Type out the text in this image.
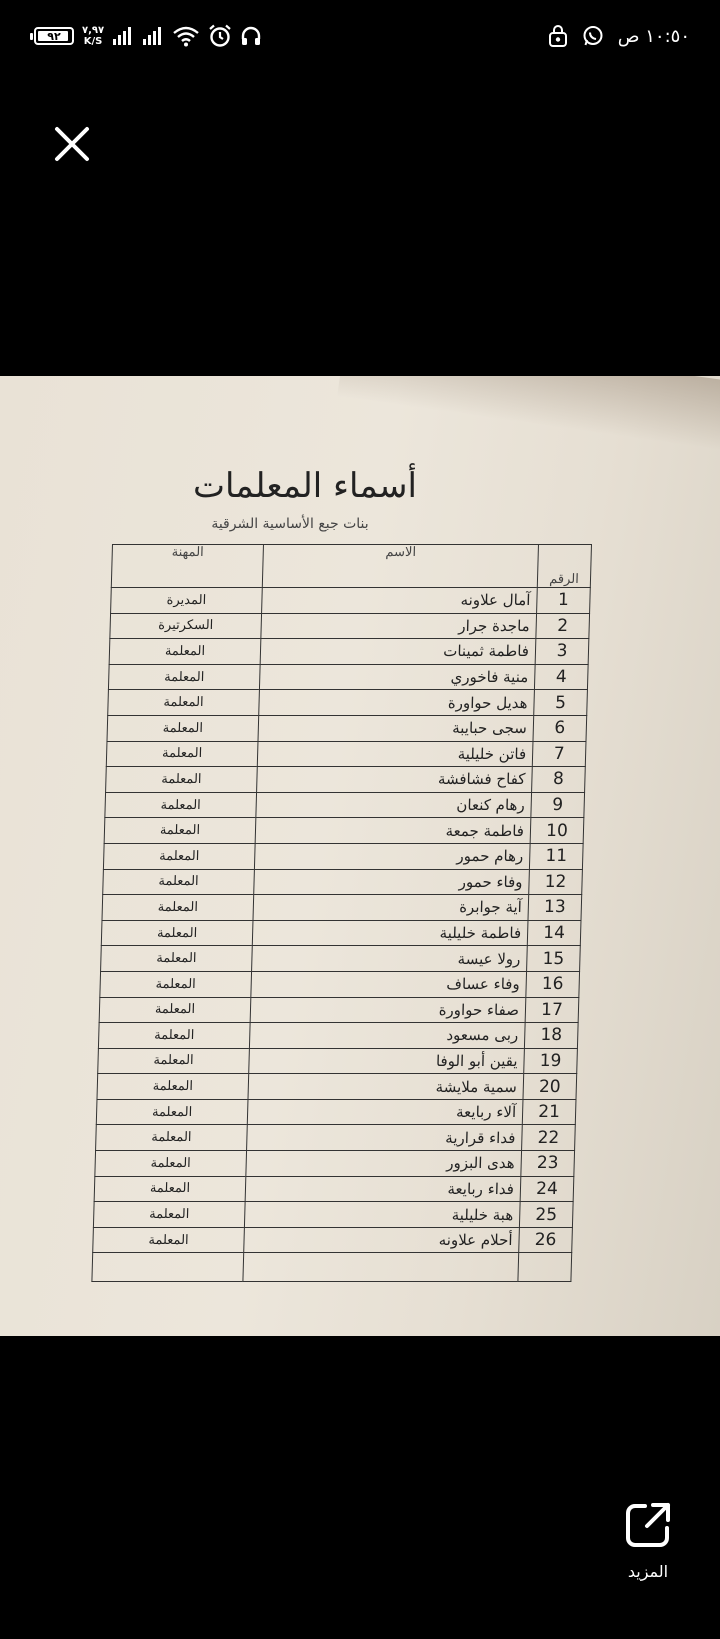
٩٢ ٧,٩٧
K/S	١٠:٥٠ ص
أسماء المعلمات
بنات جبع الأساسية الشرقية
الرقم	الاسم	المهنة
1	آمال علاونه	المديرة
2	ماجدة جرار	السكرتيرة
3	فاطمة ثمينات	المعلمة
4	منية فاخوري	المعلمة
5	هديل حواورة	المعلمة
6	سجى حبايبة	المعلمة
7	فاتن خليلية	المعلمة
8	كفاح فشافشة	المعلمة
9	رهام كنعان	المعلمة
10	فاطمة جمعة	المعلمة
11	رهام حمور	المعلمة
12	وفاء حمور	المعلمة
13	آية جوابرة	المعلمة
14	فاطمة خليلية	المعلمة
15	رولا عيسة	المعلمة
16	وفاء عساف	المعلمة
17	صفاء حواورة	المعلمة
18	ربى مسعود	المعلمة
19	يقين أبو الوفا	المعلمة
20	سمية ملايشة	المعلمة
21	آلاء ربايعة	المعلمة
22	فداء قرارية	المعلمة
23	هدى البزور	المعلمة
24	فداء ربايعة	المعلمة
25	هبة خليلية	المعلمة
26	أحلام علاونه	المعلمة

المزيد
